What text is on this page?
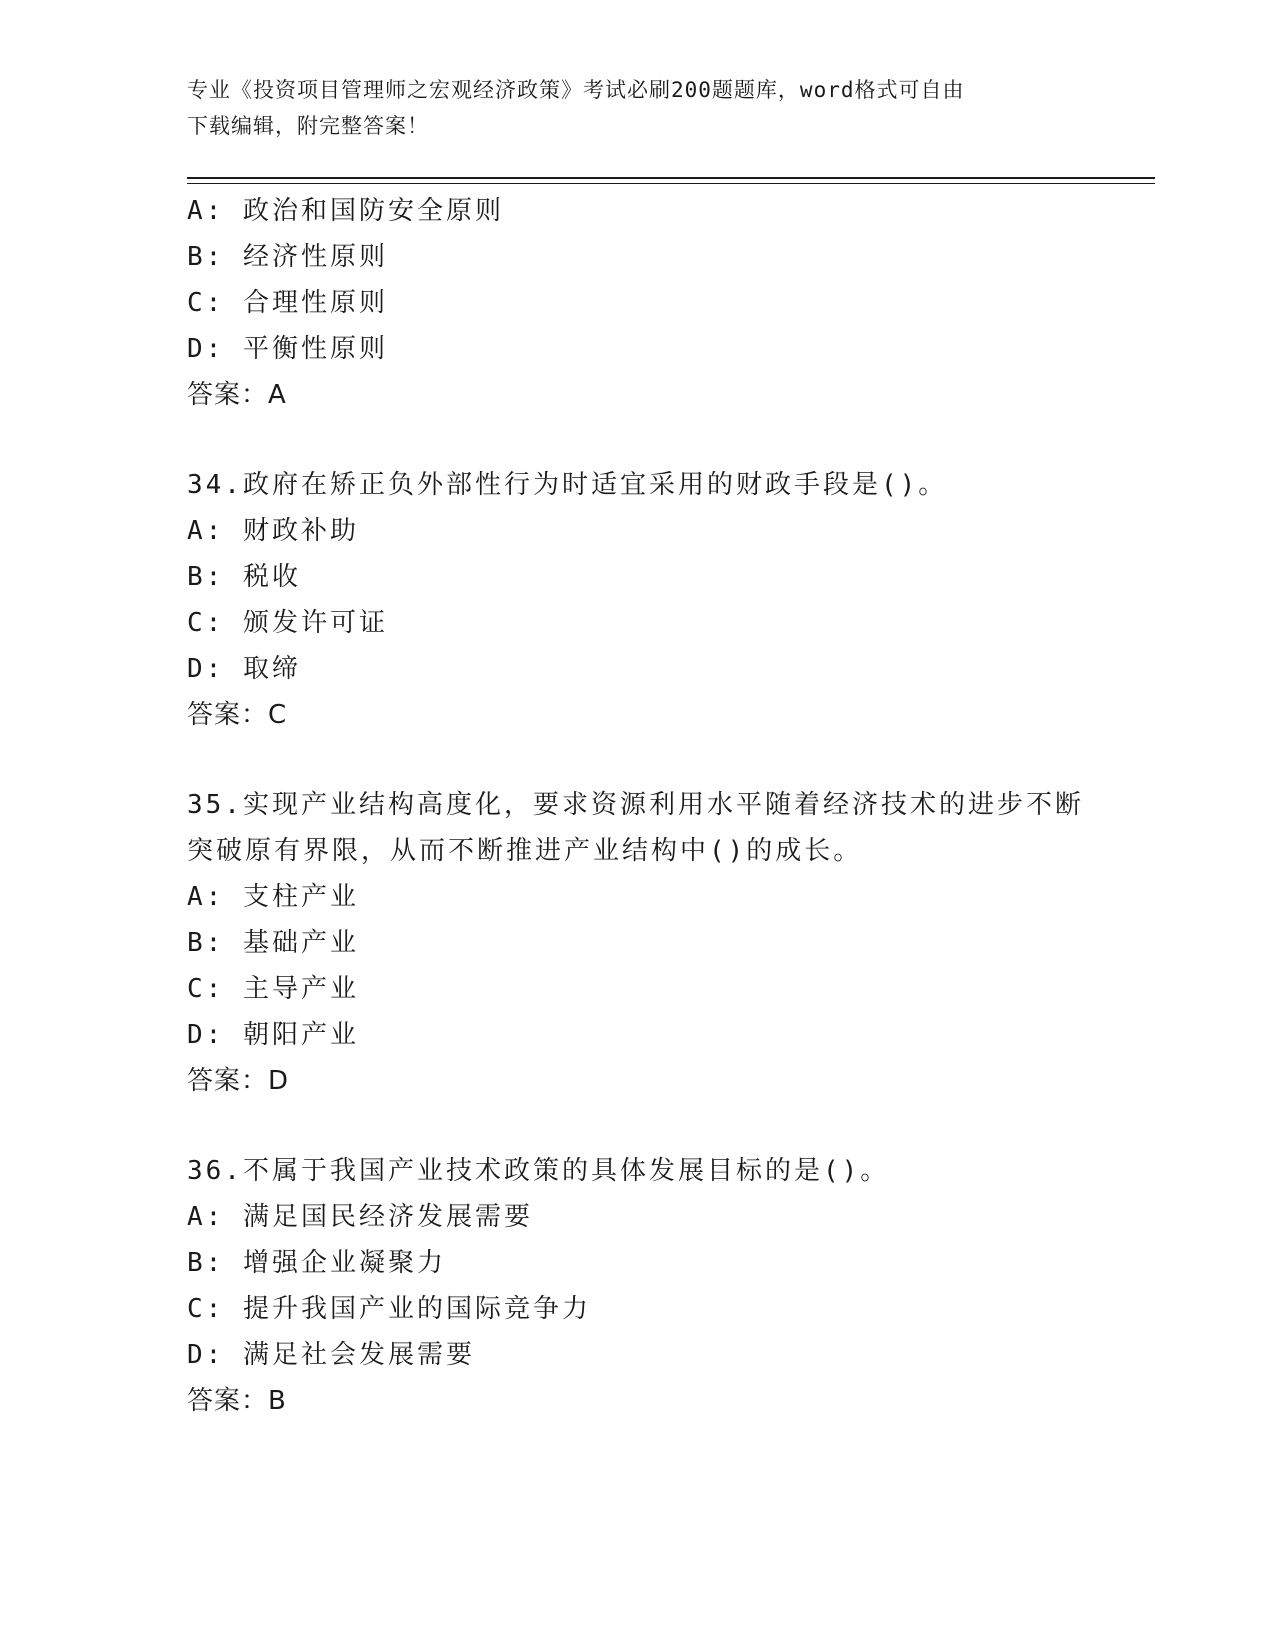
专业《投资项目管理师之宏观经济政策》考试必刷200题题库，word格式可自由
下载编辑，附完整答案！
A: 政治和国防安全原则
B: 经济性原则
C: 合理性原则
D: 平衡性原则
答案：A
34.政府在矫正负外部性行为时适宜采用的财政手段是()。
A: 财政补助
B: 税收
C: 颁发许可证
D: 取缔
答案：C
35.实现产业结构高度化，要求资源利用水平随着经济技术的进步不断
突破原有界限，从而不断推进产业结构中()的成长。
A: 支柱产业
B: 基础产业
C: 主导产业
D: 朝阳产业
答案：D
36.不属于我国产业技术政策的具体发展目标的是()。
A: 满足国民经济发展需要
B: 增强企业凝聚力
C: 提升我国产业的国际竞争力
D: 满足社会发展需要
答案：B
